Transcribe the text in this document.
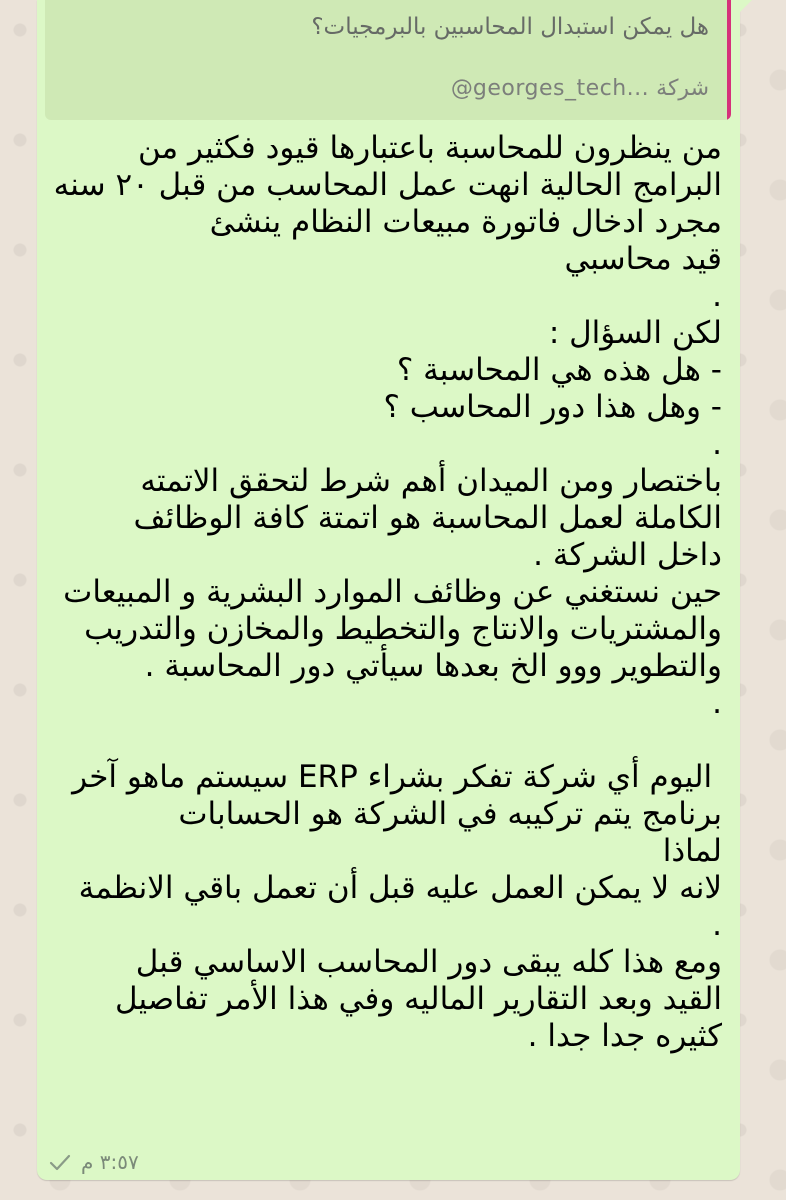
هل يمكن استبدال المحاسبين بالبرمجيات؟
شركة @georges_tech...
من ينظرون للمحاسبة باعتبارها قيود فكثير من
البرامج الحالية انهت عمل المحاسب من قبل ٢٠ سنه
مجرد ادخال فاتورة مبيعات النظام ينشئ
قيد محاسبي
.
لكن السؤال :
- هل هذه هي المحاسبة ؟
- وهل هذا دور المحاسب ؟
.
باختصار ومن الميدان أهم شرط لتحقق الاتمته
الكاملة لعمل المحاسبة هو اتمتة كافة الوظائف
داخل الشركة .
حين نستغني عن وظائف الموارد البشرية و المبيعات
والمشتريات والانتاج والتخطيط والمخازن والتدريب
والتطوير ووو الخ بعدها سيأتي دور المحاسبة .
.
اليوم أي شركة تفكر بشراء ERP سيستم ماهو آخر
برنامج يتم تركيبه في الشركة هو الحسابات
لماذا
لانه لا يمكن العمل عليه قبل أن تعمل باقي الانظمة
.
ومع هذا كله يبقى دور المحاسب الاساسي قبل
القيد وبعد التقارير الماليه وفي هذا الأمر تفاصيل
كثيره جدا جدا .
٣:٥٧ م
